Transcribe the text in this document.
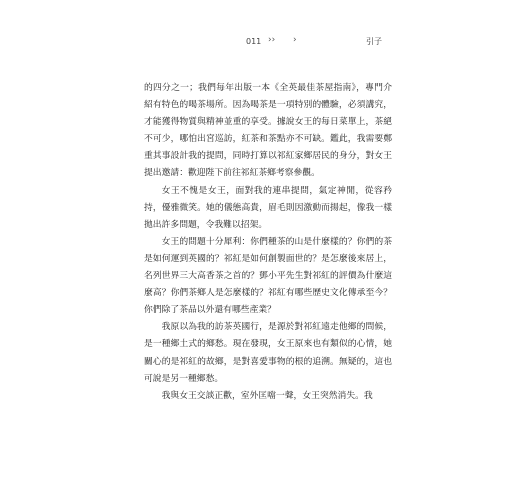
011 ›› ›	引子

的四分之一；我們每年出版一本《全英最佳茶屋指南》，專門介紹有特色的喝茶場所。因為喝茶是一項特別的體驗，必須講究，才能獲得物質與精神並重的享受。據說女王的每日菜單上，茶絕不可少，哪怕出宮巡訪，紅茶和茶點亦不可缺。鑑此，我需要鄭重其事設計我的提問，同時打算以祁紅家鄉居民的身分，對女王提出邀請：歡迎陛下前往祁紅茶鄉考察參觀。

女王不愧是女王，面對我的連串提問，氣定神閒，從容矜持，優雅微笑。她的儀態高貴，眉毛則因激動而揚起，像我一樣拋出許多問題，令我難以招架。

女王的問題十分犀利：你們種茶的山是什麼樣的？你們的茶是如何運到英國的？祁紅是如何創製面世的？是怎麼後來居上，名列世界三大高香茶之首的？鄧小平先生對祁紅的評價為什麼這麼高？你們茶鄉人是怎麼樣的？祁紅有哪些歷史文化傳承至今？你們除了茶品以外還有哪些產業？

我原以為我的訪茶英國行，是源於對祁紅遠走他鄉的問候，是一種鄉土式的鄉愁。現在發現，女王原來也有類似的心情，她關心的是祁紅的故鄉，是對喜愛事物的根的追溯。無疑的，這也可說是另一種鄉愁。

我與女王交談正歡，室外匡噹一聲，女王突然消失。我
